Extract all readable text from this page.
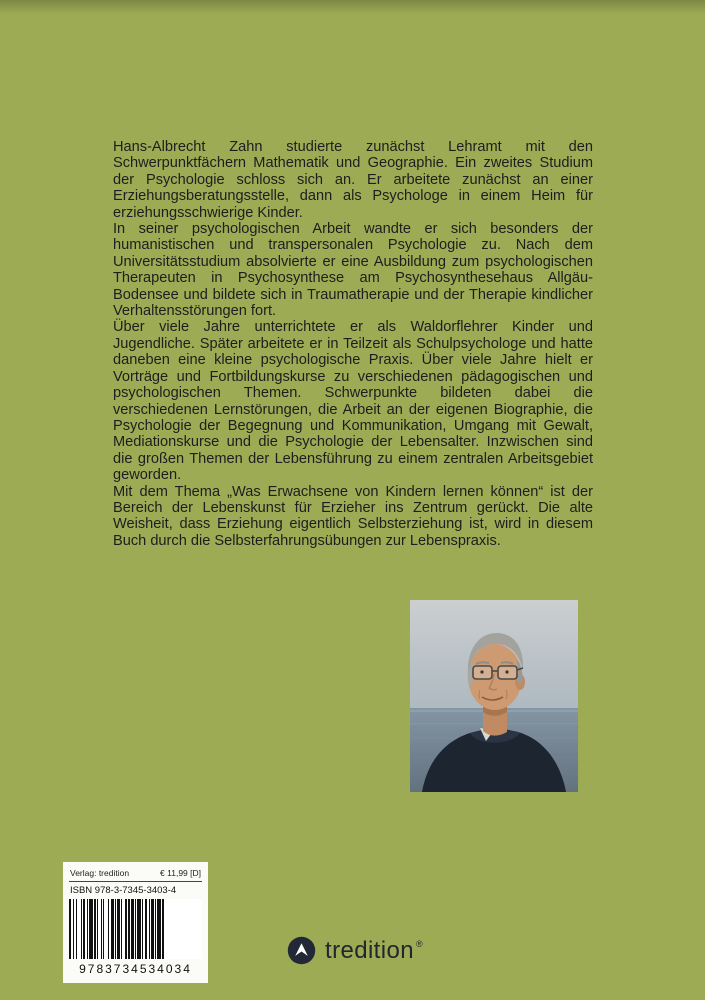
Hans-Albrecht Zahn studierte zunächst Lehramt mit den Schwerpunktfächern Mathematik und Geographie. Ein zweites Studium der Psychologie schloss sich an. Er arbeitete zunächst an einer Erziehungsberatungsstelle, dann als Psychologe in einem Heim für erziehungsschwierige Kinder.

In seiner psychologischen Arbeit wandte er sich besonders der humanistischen und transpersonalen Psychologie zu. Nach dem Universitätsstudium absolvierte er eine Ausbildung zum psychologischen Therapeuten in Psychosynthese am Psychosynthesehaus Allgäu-Bodensee und bildete sich in Traumatherapie und der Therapie kindlicher Verhaltensstörungen fort.

Über viele Jahre unterrichtete er als Waldorflehrer Kinder und Jugendliche. Später arbeitete er in Teilzeit als Schulpsychologe und hatte daneben eine kleine psychologische Praxis. Über viele Jahre hielt er Vorträge und Fortbildungskurse zu verschiedenen pädagogischen und psychologischen Themen. Schwerpunkte bildeten dabei die verschiedenen Lernstörungen, die Arbeit an der eigenen Biographie, die Psychologie der Begegnung und Kommunikation, Umgang mit Gewalt, Mediationskurse und die Psychologie der Lebensalter. Inzwischen sind die großen Themen der Lebensführung zu einem zentralen Arbeitsgebiet geworden.

Mit dem Thema „Was Erwachsene von Kindern lernen können“ ist der Bereich der Lebenskunst für Erzieher ins Zentrum gerückt. Die alte Weisheit, dass Erziehung eigentlich Selbsterziehung ist, wird in diesem Buch durch die Selbsterfahrungsübungen zur Lebenspraxis.

Verlag: tredition	€ 11,99 [D]
ISBN 978-3-7345-3403-4
9783734534034
tredition ®
